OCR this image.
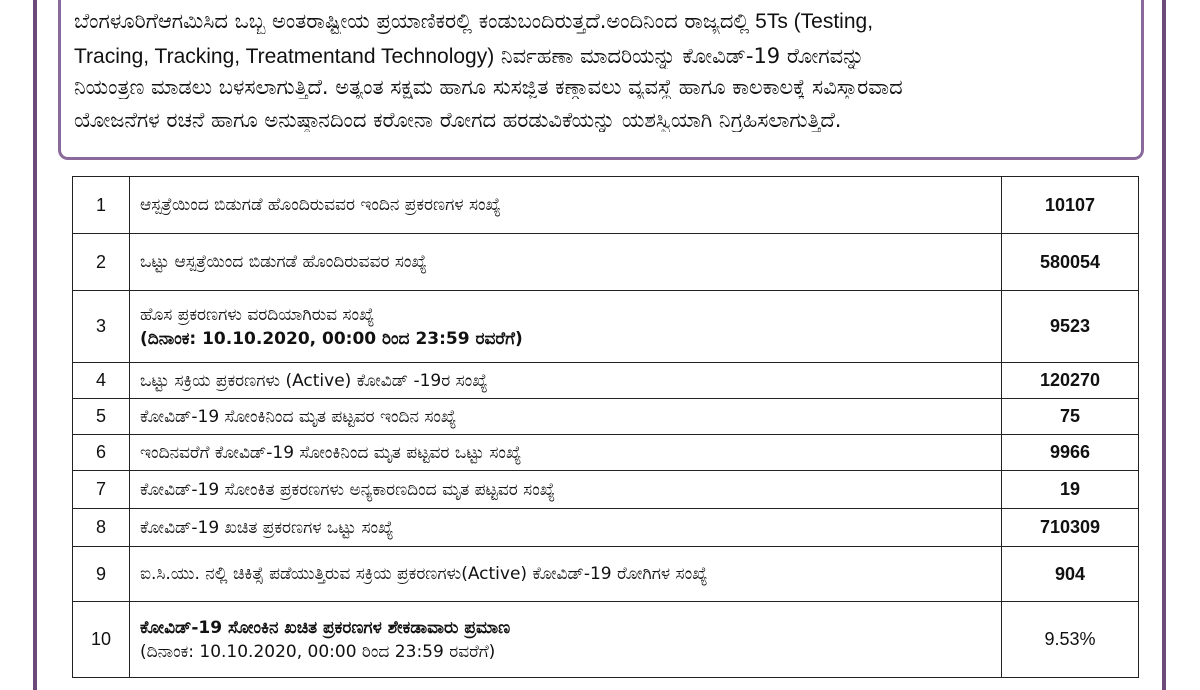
ಬೆಂಗಳೂರಿಗೆಆಗಮಿಸಿದ ಒಬ್ಬ ಅಂತರಾಷ್ಟ್ರೀಯ ಪ್ರಯಾಣಿಕರಲ್ಲಿ ಕಂಡುಬಂದಿರುತ್ತದೆ.ಅಂದಿನಿಂದ ರಾಜ್ಯದಲ್ಲಿ 5Ts (Testing,
Tracing, Tracking, Treatmentand Technology) ನಿರ್ವಹಣಾ ಮಾದರಿಯನ್ನು ಕೋವಿಡ್-19 ರೋಗವನ್ನು
ನಿಯಂತ್ರಣ ಮಾಡಲು ಬಳಸಲಾಗುತ್ತಿದೆ. ಅತ್ಯಂತ ಸಕ್ಷಮ ಹಾಗೂ ಸುಸಜ್ಜಿತ ಕಣ್ಗಾವಲು ವ್ಯವಸ್ಥೆ ಹಾಗೂ ಕಾಲಕಾಲಕ್ಕೆ ಸವಿಸ್ತಾರವಾದ
ಯೋಜನೆಗಳ ರಚನೆ ಹಾಗೂ ಅನುಷ್ಠಾನದಿಂದ ಕರೋನಾ ರೋಗದ ಹರಡುವಿಕೆಯನ್ನು ಯಶಸ್ವಿಯಾಗಿ ನಿಗ್ರಹಿಸಲಾಗುತ್ತಿದೆ.
1	ಆಸ್ಪತ್ರೆಯಿಂದ ಬಿಡುಗಡೆ ಹೊಂದಿರುವವರ ಇಂದಿನ ಪ್ರಕರಣಗಳ ಸಂಖ್ಯೆ	10107
2	ಒಟ್ಟು ಆಸ್ಪತ್ರೆಯಿಂದ ಬಿಡುಗಡೆ ಹೊಂದಿರುವವರ ಸಂಖ್ಯೆ	580054
3	ಹೊಸ ಪ್ರಕರಣಗಳು ವರದಿಯಾಗಿರುವ ಸಂಖ್ಯೆ
(ದಿನಾಂಕ: 10.10.2020, 00:00 ರಿಂದ 23:59 ರವರೆಗೆ)	9523
4	ಒಟ್ಟು ಸಕ್ರಿಯ ಪ್ರಕರಣಗಳು (Active) ಕೋವಿಡ್ -19ರ ಸಂಖ್ಯೆ	120270
5	ಕೋವಿಡ್-19 ಸೋಂಕಿನಿಂದ ಮೃತ ಪಟ್ಟವರ ಇಂದಿನ ಸಂಖ್ಯೆ	75
6	ಇಂದಿನವರೆಗೆ ಕೋವಿಡ್-19 ಸೋಂಕಿನಿಂದ ಮೃತ ಪಟ್ಟವರ ಒಟ್ಟು ಸಂಖ್ಯೆ	9966
7	ಕೋವಿಡ್-19 ಸೋಂಕಿತ ಪ್ರಕರಣಗಳು ಅನ್ಯಕಾರಣದಿಂದ ಮೃತ ಪಟ್ಟವರ ಸಂಖ್ಯೆ	19
8	ಕೋವಿಡ್-19 ಖಚಿತ ಪ್ರಕರಣಗಳ ಒಟ್ಟು ಸಂಖ್ಯೆ	710309
9	ಐ.ಸಿ.ಯು. ನಲ್ಲಿ ಚಿಕಿತ್ಸೆ ಪಡೆಯುತ್ತಿರುವ ಸಕ್ರಿಯ ಪ್ರಕರಣಗಳು(Active) ಕೋವಿಡ್-19 ರೋಗಿಗಳ ಸಂಖ್ಯೆ	904
10	ಕೋವಿಡ್-19 ಸೋಂಕಿನ ಖಚಿತ ಪ್ರಕರಣಗಳ ಶೇಕಡಾವಾರು ಪ್ರಮಾಣ
(ದಿನಾಂಕ: 10.10.2020, 00:00 ರಿಂದ 23:59 ರವರೆಗೆ)	9.53%
